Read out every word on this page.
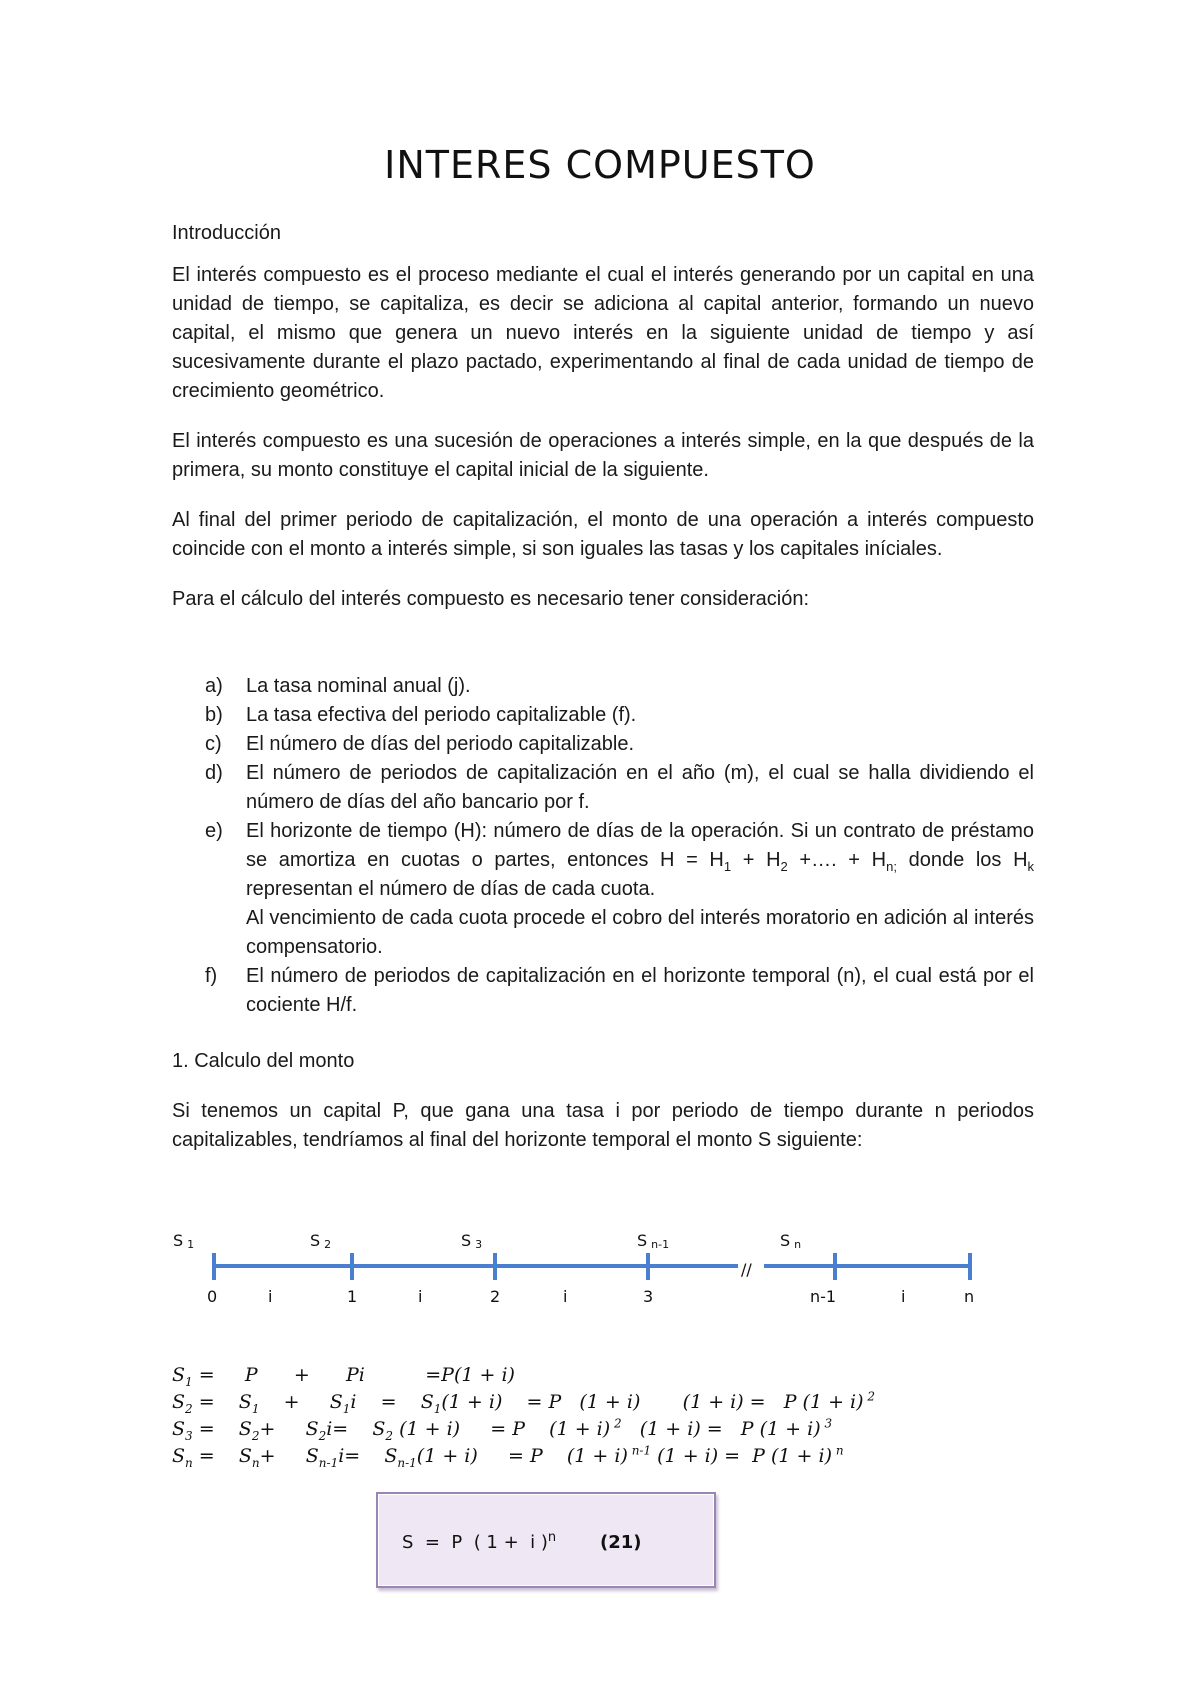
INTERES COMPUESTO

Introducción

El interés compuesto es el proceso mediante el cual el interés generando por un capital en una unidad de tiempo, se capitaliza, es decir se adiciona al capital anterior, formando un nuevo capital, el mismo que genera un nuevo interés en la siguiente unidad de tiempo y así sucesivamente durante el plazo pactado, experimentando al final de cada unidad de tiempo de crecimiento geométrico.

El interés compuesto es una sucesión de operaciones a interés simple, en la que después de la primera, su monto constituye el capital inicial de la siguiente.

Al final del primer periodo de capitalización, el monto de una operación a interés compuesto coincide con el monto a interés simple, si son iguales las tasas y los capitales iníciales.

Para el cálculo del interés compuesto es necesario tener consideración:

a) La tasa nominal anual (j).
b) La tasa efectiva del periodo capitalizable (f).
c) El número de días del periodo capitalizable.
d) El número de periodos de capitalización en el año (m), el cual se halla dividiendo el número de días del año bancario por f.
e) El horizonte de tiempo (H): número de días de la operación. Si un contrato de préstamo se amortiza en cuotas o partes, entonces $H = H_1 + H_2$ +…. + $H_{n;}$ donde los $H_k$ representan el número de días de cada cuota.
Al vencimiento de cada cuota procede el cobro del interés moratorio en adición al interés compensatorio.
f) El número de periodos de capitalización en el horizonte temporal (n), el cual está por el cociente H/f.

1. Calculo del monto

Si tenemos un capital P, que gana una tasa i por periodo de tiempo durante n periodos capitalizables, tendríamos al final del horizonte temporal el monto S siguiente:

//
S 1	S 2	S 3	S n-1	S n
0	i	1	i	2	i	3	n-1	i	n
$S_1$ =     P      +      Pi          =P(1 + i)
$S_2$ =    $S_1$    +     $S_1i$    =    $S_1(1 + i)$    = P   (1 + i)       (1 + i) =   P (1 + i) $^2$
$S_3$ =    $S_2+$     $S_2i=$    $S_2$ (1 + i)     = P    (1 + i) $^2$   (1 + i) =   P (1 + i) $^3$
$S_n$ =    $S_n+$     $S_{n-1}i=$    $S_{n-1}(1 + i)$     = P    (1 + i) $^{n-1}$ (1 + i) =  P (1 + i) $^n$
S  =  P  ( 1 +  i )$^n$ (21)
